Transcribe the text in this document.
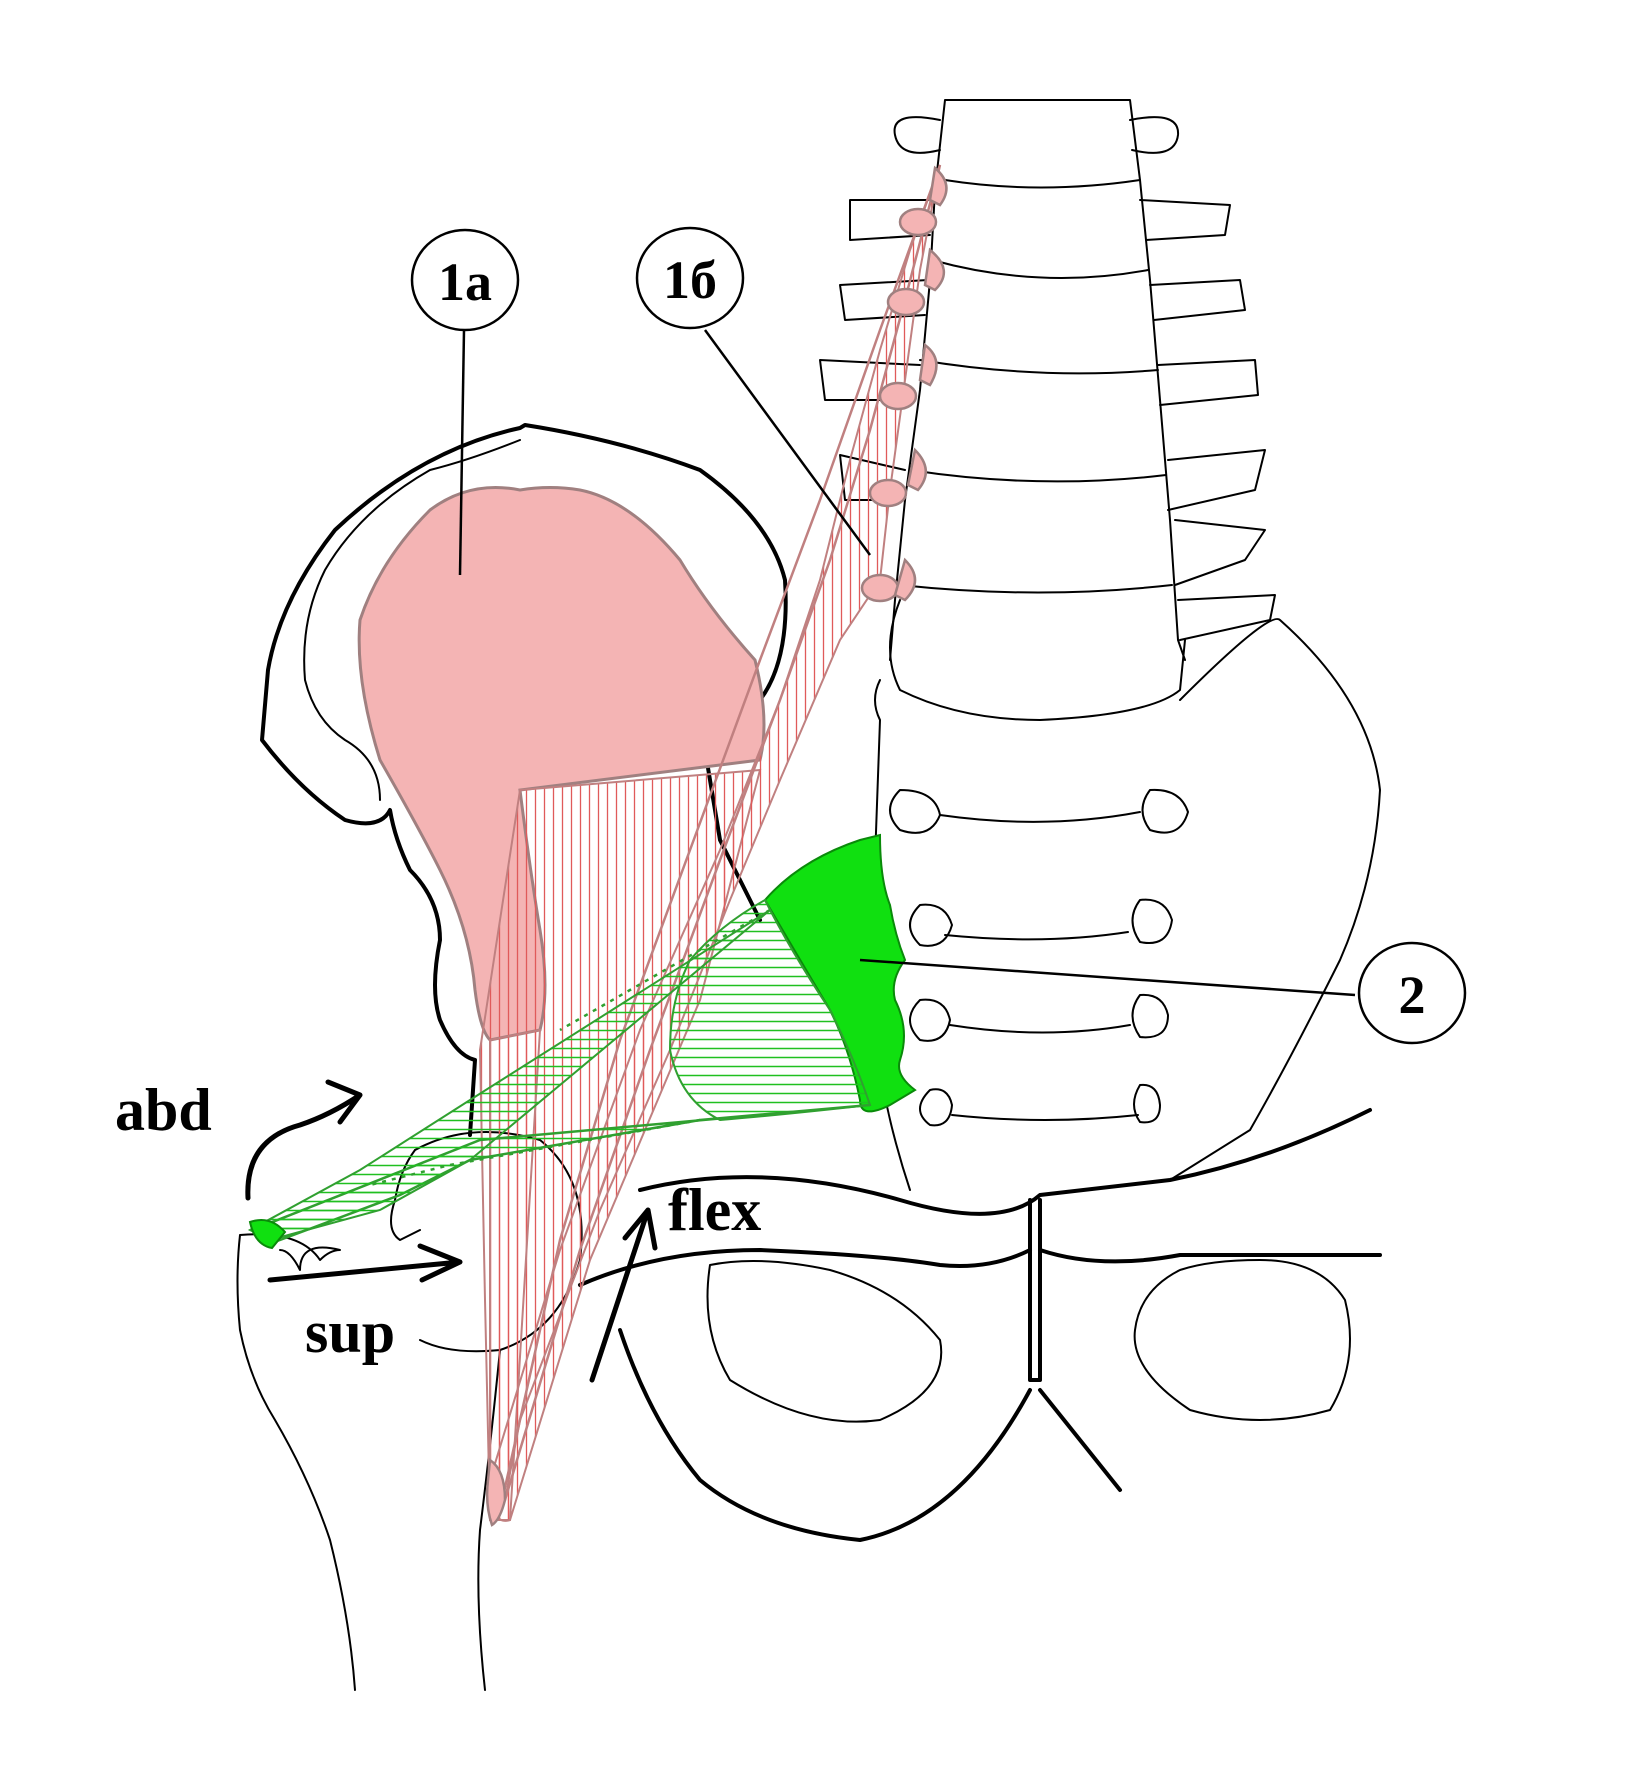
1a	1б
2
abd
sup
flex
